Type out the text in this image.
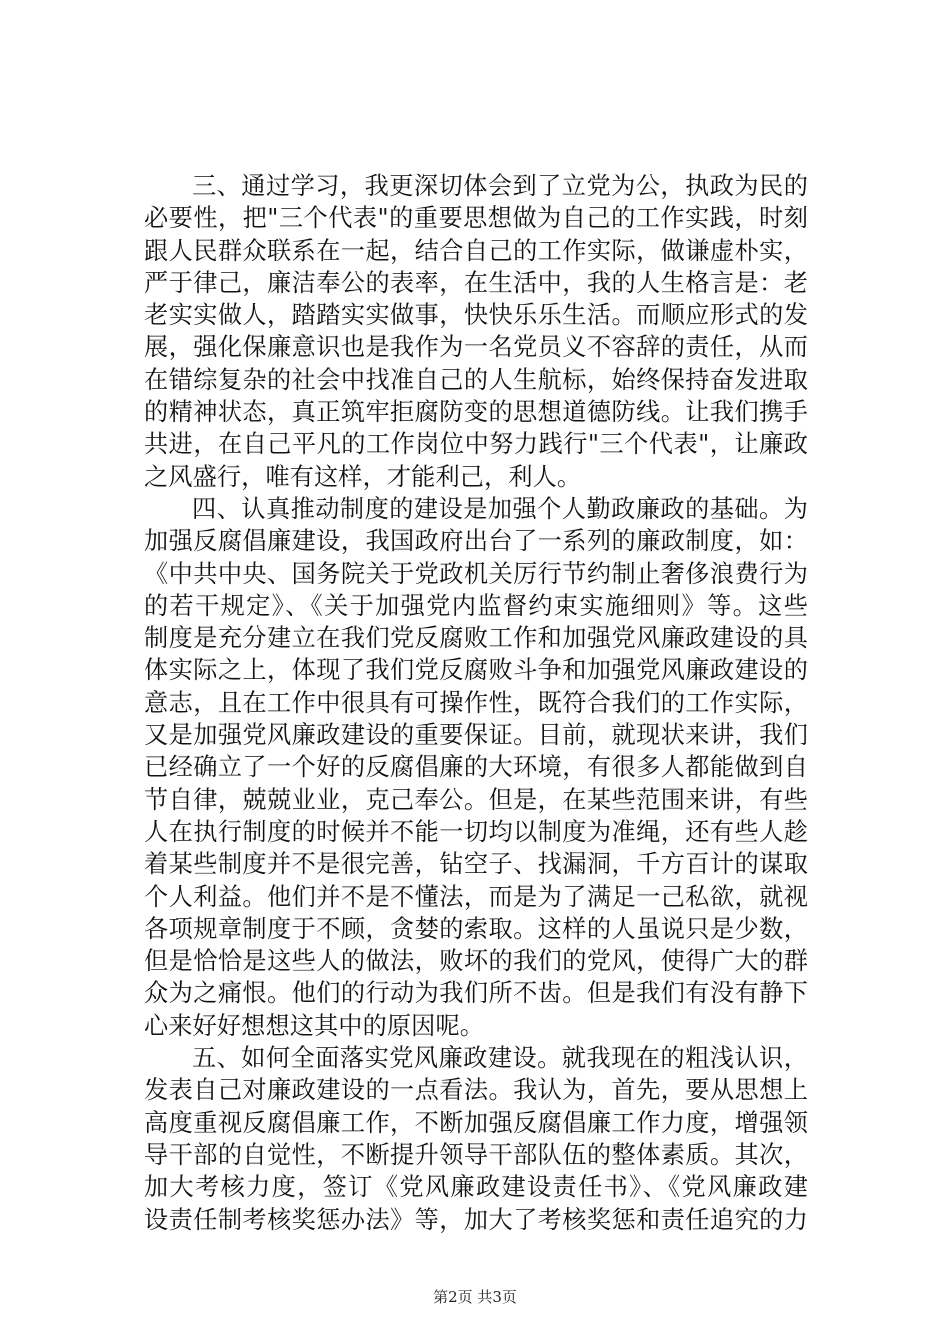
三、通过学习，我更深切体会到了立党为公，执政为民的
必要性，把"三个代表"的重要思想做为自己的工作实践，时刻
跟人民群众联系在一起，结合自己的工作实际，做谦虚朴实，
严于律己，廉洁奉公的表率，在生活中，我的人生格言是：老
老实实做人，踏踏实实做事，快快乐乐生活。而顺应形式的发
展，强化保廉意识也是我作为一名党员义不容辞的责任，从而
在错综复杂的社会中找准自己的人生航标，始终保持奋发进取
的精神状态，真正筑牢拒腐防变的思想道德防线。让我们携手
共进，在自己平凡的工作岗位中努力践行"三个代表"，让廉政
之风盛行，唯有这样，才能利己，利人。
四、认真推动制度的建设是加强个人勤政廉政的基础。为
加强反腐倡廉建设，我国政府出台了一系列的廉政制度，如：
《中共中央、国务院关于党政机关厉行节约制止奢侈浪费行为
的若干规定》、《关于加强党内监督约束实施细则》等。这些
制度是充分建立在我们党反腐败工作和加强党风廉政建设的具
体实际之上，体现了我们党反腐败斗争和加强党风廉政建设的
意志，且在工作中很具有可操作性，既符合我们的工作实际，
又是加强党风廉政建设的重要保证。目前，就现状来讲，我们
已经确立了一个好的反腐倡廉的大环境，有很多人都能做到自
节自律，兢兢业业，克己奉公。但是，在某些范围来讲，有些
人在执行制度的时候并不能一切均以制度为准绳，还有些人趁
着某些制度并不是很完善，钻空子、找漏洞，千方百计的谋取
个人利益。他们并不是不懂法，而是为了满足一己私欲，就视
各项规章制度于不顾，贪婪的索取。这样的人虽说只是少数，
但是恰恰是这些人的做法，败坏的我们的党风，使得广大的群
众为之痛恨。他们的行动为我们所不齿。但是我们有没有静下
心来好好想想这其中的原因呢。
五、如何全面落实党风廉政建设。就我现在的粗浅认识，
发表自己对廉政建设的一点看法。我认为，首先，要从思想上
高度重视反腐倡廉工作，不断加强反腐倡廉工作力度，增强领
导干部的自觉性，不断提升领导干部队伍的整体素质。其次，
加大考核力度，签订《党风廉政建设责任书》、《党风廉政建
设责任制考核奖惩办法》等，加大了考核奖惩和责任追究的力
第2页 共3页
